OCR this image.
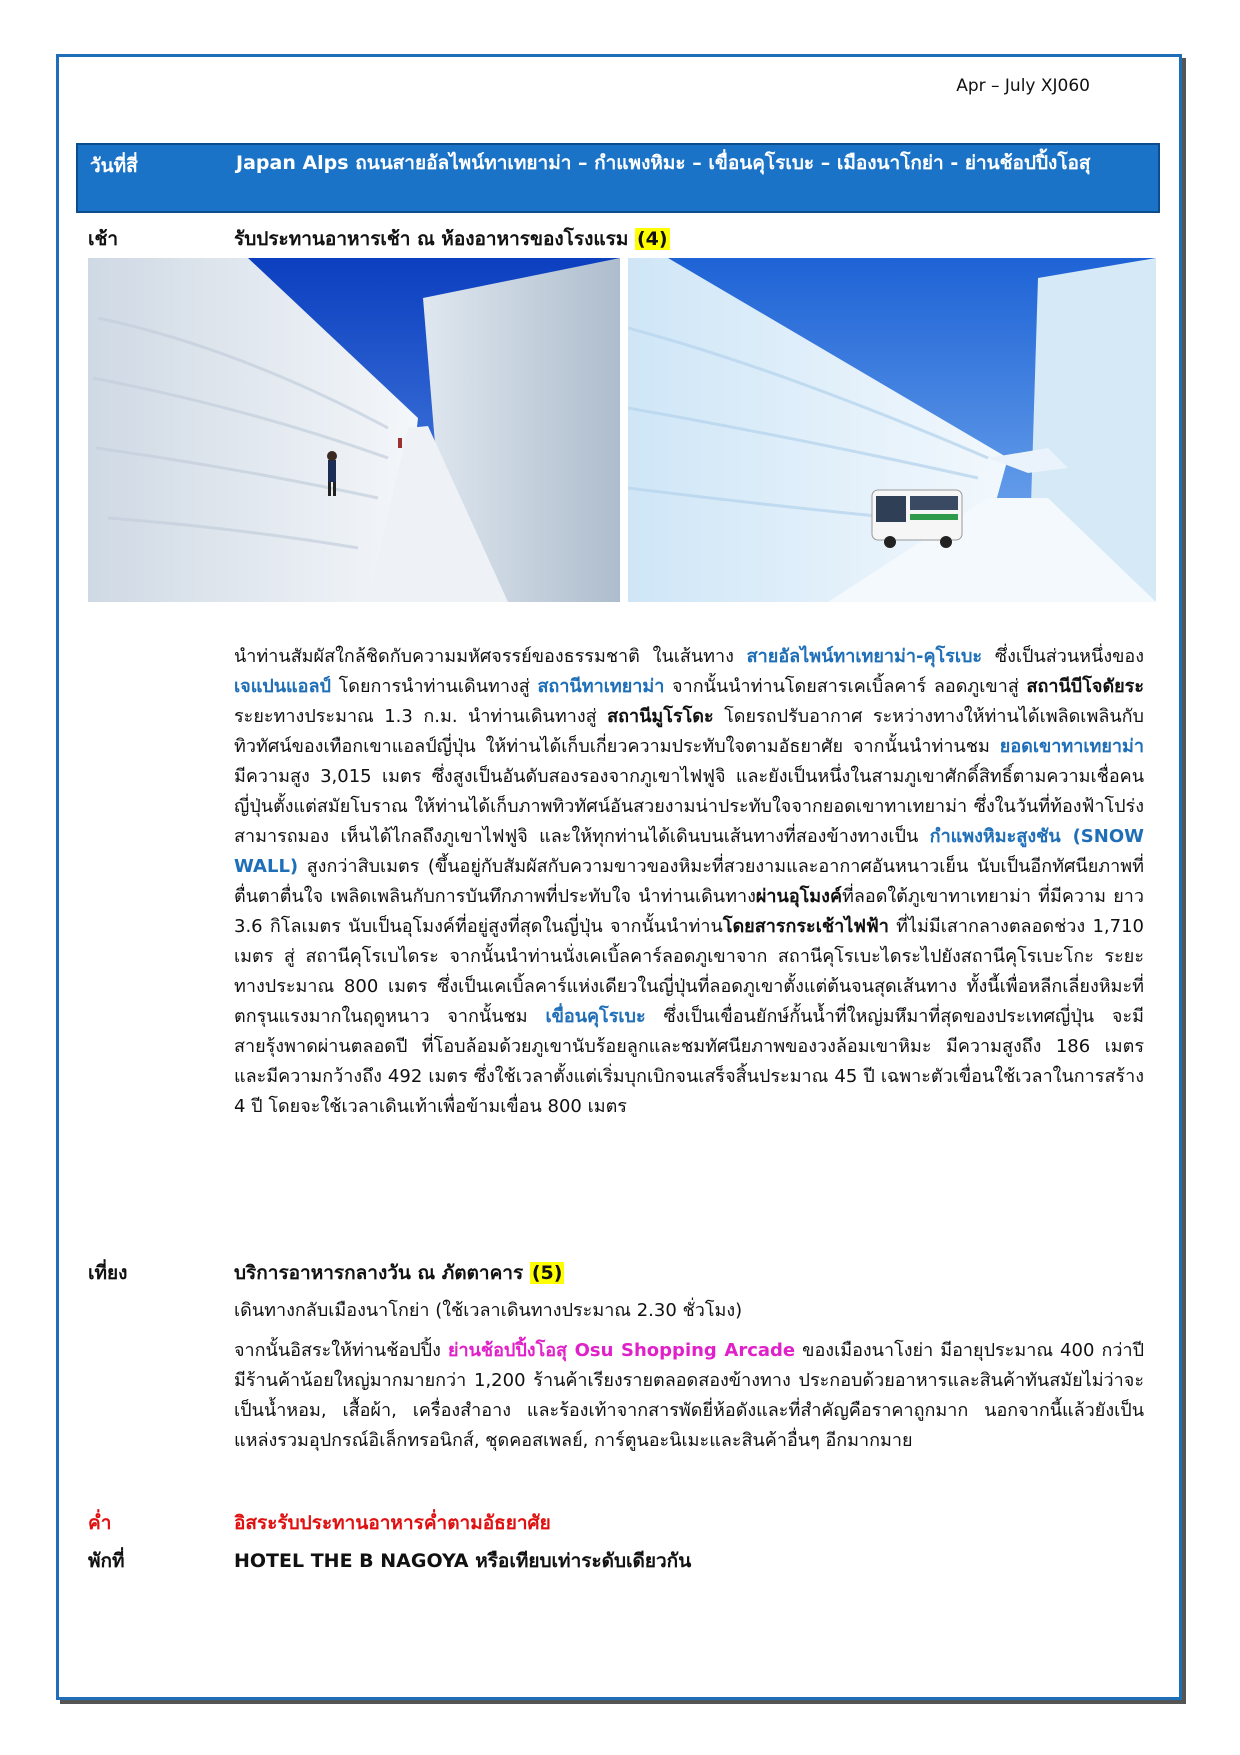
Apr – July XJ060
วันที่สี่	Japan Alps ถนนสายอัลไพน์ทาเทยาม่า – กำแพงหิมะ – เขื่อนคุโรเบะ – เมืองนาโกย่า - ย่านช้อปปิ้งโอสุ
เช้า	รับประทานอาหารเช้า ณ ห้องอาหารของโรงแรม (4)

นำท่านสัมผัสใกล้ชิดกับความมหัศจรรย์ของธรรมชาติ ในเส้นทาง สายอัลไพน์ทาเทยาม่า-คุโรเบะ ซึ่งเป็นส่วนหนึ่งของ เจแปนแอลป์ โดยการนำท่านเดินทางสู่ สถานีทาเทยาม่า จากนั้นนำท่านโดยสารเคเบิ้ลคาร์ ลอดภูเขาสู่ สถานีบีโจดัยระ ระยะทางประมาณ 1.3 ก.ม. นำท่านเดินทางสู่ สถานีมูโรโดะ โดยรถปรับอากาศ ระหว่างทางให้ท่านได้เพลิดเพลินกับทิวทัศน์ของเทือกเขาแอลป์ญี่ปุ่น ให้ท่านได้เก็บเกี่ยวความประทับใจตามอัธยาศัย จากนั้นนำท่านชม ยอดเขาทาเทยาม่า มีความสูง 3,015 เมตร ซึ่งสูงเป็นอันดับสองรองจากภูเขาไฟฟูจิ และยังเป็นหนึ่งในสามภูเขาศักดิ์สิทธิ์ตามความเชื่อคนญี่ปุ่นตั้งแต่สมัยโบราณ ให้ท่านได้เก็บภาพทิวทัศน์อันสวยงามน่าประทับใจจากยอดเขาทาเทยาม่า ซึ่งในวันที่ท้องฟ้าโปร่ง สามารถมอง เห็นได้ไกลถึงภูเขาไฟฟูจิ และให้ทุกท่านได้เดินบนเส้นทางที่สองข้างทางเป็น กำแพงหิมะสูงชัน (SNOW WALL) สูงกว่าสิบเมตร (ขึ้นอยู่กับสัมผัสกับความขาวของหิมะที่สวยงามและอากาศอันหนาวเย็น นับเป็นอีกทัศนียภาพที่ตื่นตาตื่นใจ เพลิดเพลินกับการบันทึกภาพที่ประทับใจ นำท่านเดินทางผ่านอุโมงค์ที่ลอดใต้ภูเขาทาเทยาม่า ที่มีความ ยาว 3.6 กิโลเมตร นับเป็นอุโมงค์ที่อยู่สูงที่สุดในญี่ปุ่น จากนั้นนำท่านโดยสารกระเช้าไฟฟ้า ที่ไม่มีเสากลางตลอดช่วง 1,710 เมตร สู่ สถานีคุโรเบไดระ จากนั้นนำท่านนั่งเคเบิ้ลคาร์ลอดภูเขาจาก สถานีคุโรเบะไดระไปยังสถานีคุโรเบะโกะ ระยะทางประมาณ 800 เมตร ซึ่งเป็นเคเบิ้ลคาร์แห่งเดียวในญี่ปุ่นที่ลอดภูเขาตั้งแต่ต้นจนสุดเส้นทาง ทั้งนี้เพื่อหลีกเลี่ยงหิมะที่ตกรุนแรงมากในฤดูหนาว จากนั้นชม เขื่อนคุโรเบะ ซึ่งเป็นเขื่อนยักษ์กั้นน้ำที่ใหญ่มหึมาที่สุดของประเทศญี่ปุ่น จะมีสายรุ้งพาดผ่านตลอดปี ที่โอบล้อมด้วยภูเขานับร้อยลูกและชมทัศนียภาพของวงล้อมเขาหิมะ มีความสูงถึง 186 เมตร และมีความกว้างถึง 492 เมตร ซึ่งใช้เวลาตั้งแต่เริ่มบุกเบิกจนเสร็จสิ้นประมาณ 45 ปี เฉพาะตัวเขื่อนใช้เวลาในการสร้าง 4 ปี โดยจะใช้เวลาเดินเท้าเพื่อข้ามเขื่อน 800 เมตร

เที่ยง	บริการอาหารกลางวัน ณ ภัตตาคาร (5)
เดินทางกลับเมืองนาโกย่า (ใช้เวลาเดินทางประมาณ 2.30 ชั่วโมง)

จากนั้นอิสระให้ท่านช้อปปิ้ง ย่านช้อปปิ้งโอสุ Osu Shopping Arcade ของเมืองนาโงย่า มีอายุประมาณ 400 กว่าปี มีร้านค้าน้อยใหญ่มากมายกว่า 1,200 ร้านค้าเรียงรายตลอดสองข้างทาง ประกอบด้วยอาหารและสินค้าทันสมัยไม่ว่าจะเป็นน้ำหอม, เสื้อผ้า, เครื่องสำอาง และร้องเท้าจากสารพัดยี่ห้อดังและที่สำคัญคือราคาถูกมาก นอกจากนี้แล้วยังเป็นแหล่งรวมอุปกรณ์อิเล็กทรอนิกส์, ชุดคอสเพลย์, การ์ตูนอะนิเมะและสินค้าอื่นๆ อีกมากมาย

ค่ำ	อิสระรับประทานอาหารค่ำตามอัธยาศัย
พักที่	HOTEL THE B NAGOYA หรือเทียบเท่าระดับเดียวกัน
